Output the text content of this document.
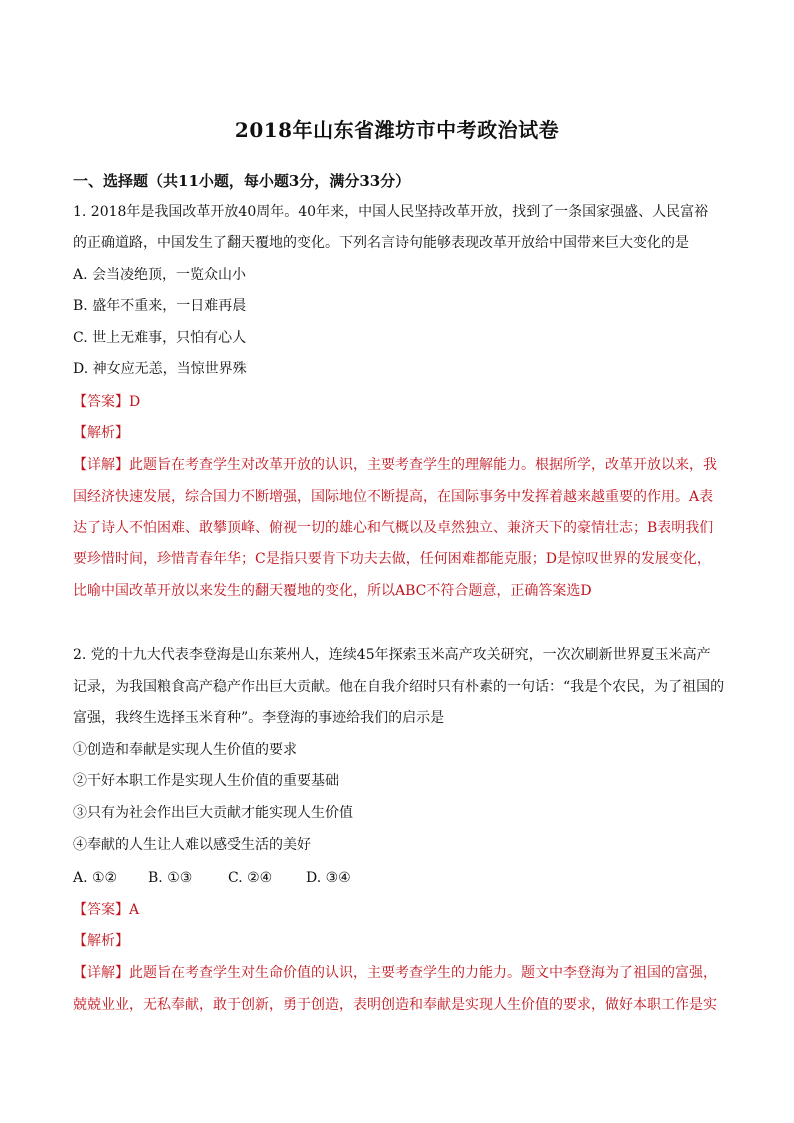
2018年山东省潍坊市中考政治试卷
一、选择题（共11小题，每小题3分，满分33分）
1. 2018年是我国改革开放40周年。40年来，中国人民坚持改革开放，找到了一条国家强盛、人民富裕
的正确道路，中国发生了翻天覆地的变化。下列名言诗句能够表现改革开放给中国带来巨大变化的是
A. 会当凌绝顶，一览众山小
B. 盛年不重来，一日难再晨
C. 世上无难事，只怕有心人
D. 神女应无恙，当惊世界殊
【答案】D
【解析】
【详解】此题旨在考查学生对改革开放的认识，主要考查学生的理解能力。根据所学，改革开放以来，我
国经济快速发展，综合国力不断增强，国际地位不断提高，在国际事务中发挥着越来越重要的作用。A表
达了诗人不怕困难、敢攀顶峰、俯视一切的雄心和气概以及卓然独立、兼济天下的豪情壮志；B表明我们
要珍惜时间，珍惜青春年华；C是指只要肯下功夫去做，任何困难都能克服；D是惊叹世界的发展变化，
比喻中国改革开放以来发生的翻天覆地的变化，所以ABC不符合题意，正确答案选D
2. 党的十九大代表李登海是山东莱州人，连续45年探索玉米高产攻关研究，一次次刷新世界夏玉米高产
记录，为我国粮食高产稳产作出巨大贡献。他在自我介绍时只有朴素的一句话：“我是个农民，为了祖国的
富强，我终生选择玉米育种”。李登海的事迹给我们的启示是
①创造和奉献是实现人生价值的要求
②干好本职工作是实现人生价值的重要基础
③只有为社会作出巨大贡献才能实现人生价值
④奉献的人生让人难以感受生活的美好
A. ①② B. ①③	C. ②④ D. ③④
【答案】A
【解析】
【详解】此题旨在考查学生对生命价值的认识，主要考查学生的力能力。题文中李登海为了祖国的富强，
兢兢业业，无私奉献，敢于创新，勇于创造，表明创造和奉献是实现人生价值的要求，做好本职工作是实
